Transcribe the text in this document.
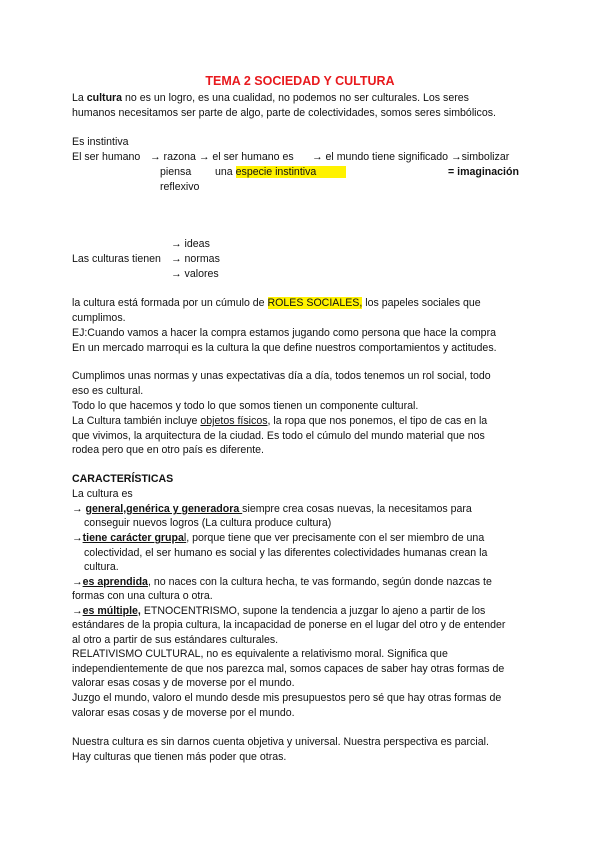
TEMA 2 SOCIEDAD Y CULTURA
La cultura no es un logro, es una cualidad, no podemos no ser culturales. Los seres
humanos necesitamos ser parte de algo, parte de colectividades, somos seres simbólicos.
Es instintiva
El ser humano → razona → el ser humano es → el mundo tiene significado →simbolizar
piensa una especie instintiva	= imaginación
reflexivo
→ ideas
Las culturas tienen → normas
→ valores
la cultura está formada por un cúmulo de ROLES SOCIALES, los papeles sociales que
cumplimos.
EJ:Cuando vamos a hacer la compra estamos jugando como persona que hace la compra
En un mercado marroqui es la cultura la que define nuestros comportamientos y actitudes.
Cumplimos unas normas y unas expectativas día a día, todos tenemos un rol social, todo
eso es cultural.
Todo lo que hacemos y todo lo que somos tienen un componente cultural.
La Cultura también incluye objetos físicos, la ropa que nos ponemos, el tipo de cas en la
que vivimos, la arquitectura de la ciudad. Es todo el cúmulo del mundo material que nos
rodea pero que en otro país es diferente.
CARACTERÍSTICAS
La cultura es
→ general,genérica y generadora siempre crea cosas nuevas, la necesitamos para
conseguir nuevos logros (La cultura produce cultura)
→tiene carácter grupal, porque tiene que ver precisamente con el ser miembro de una
colectividad, el ser humano es social y las diferentes colectividades humanas crean la
cultura.
→es aprendida, no naces con la cultura hecha, te vas formando, según donde nazcas te
formas con una cultura o otra.
→es múltiple, ETNOCENTRISMO, supone la tendencia a juzgar lo ajeno a partir de los
estándares de la propia cultura, la incapacidad de ponerse en el lugar del otro y de entender
al otro a partir de sus estándares culturales.
RELATIVISMO CULTURAL, no es equivalente a relativismo moral. Significa que
independientemente de que nos parezca mal, somos capaces de saber hay otras formas de
valorar esas cosas y de moverse por el mundo.
Juzgo el mundo, valoro el mundo desde mis presupuestos pero sé que hay otras formas de
valorar esas cosas y de moverse por el mundo.
Nuestra cultura es sin darnos cuenta objetiva y universal. Nuestra perspectiva es parcial.
Hay culturas que tienen más poder que otras.
